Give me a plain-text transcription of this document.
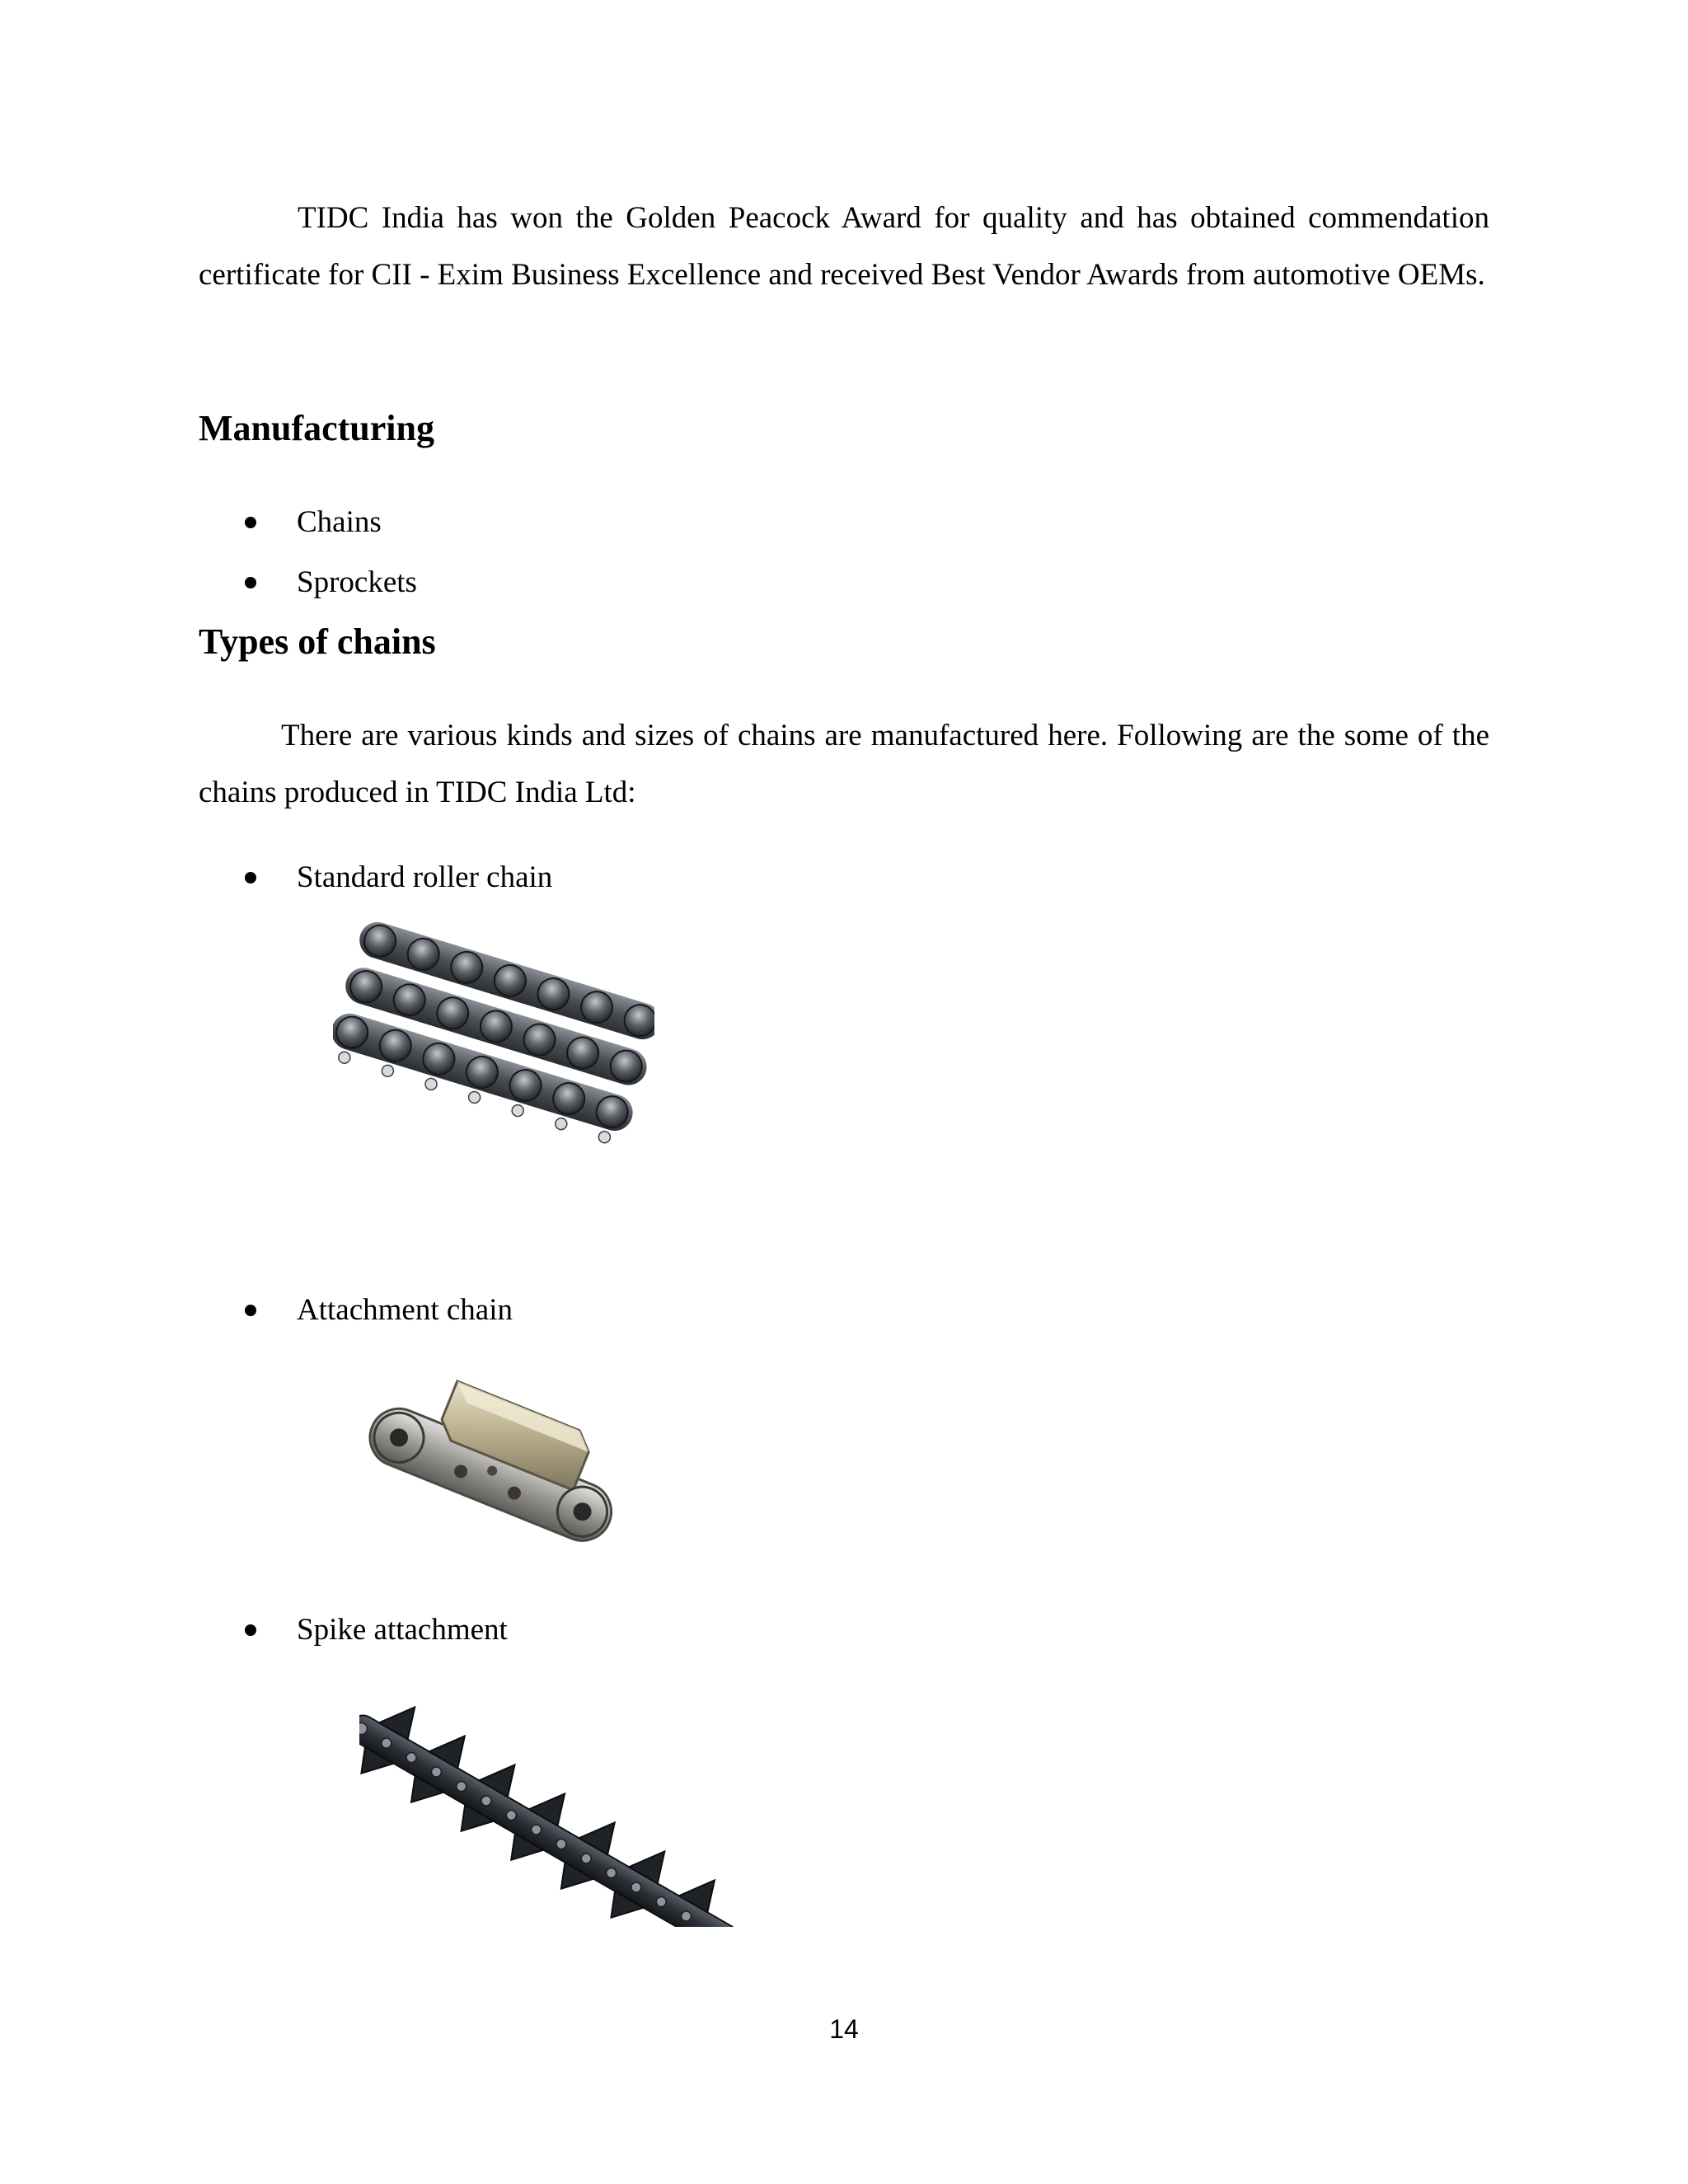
TIDC India has won the Golden Peacock Award for quality and has obtained commendation certificate for CII - Exim Business Excellence and received Best Vendor Awards from automotive OEMs.

Manufacturing
Chains
Sprockets
Types of chains

There are various kinds and sizes of chains are manufactured here. Following are the some of the chains produced in TIDC India Ltd:

Standard roller chain
Attachment chain
Spike attachment
14
